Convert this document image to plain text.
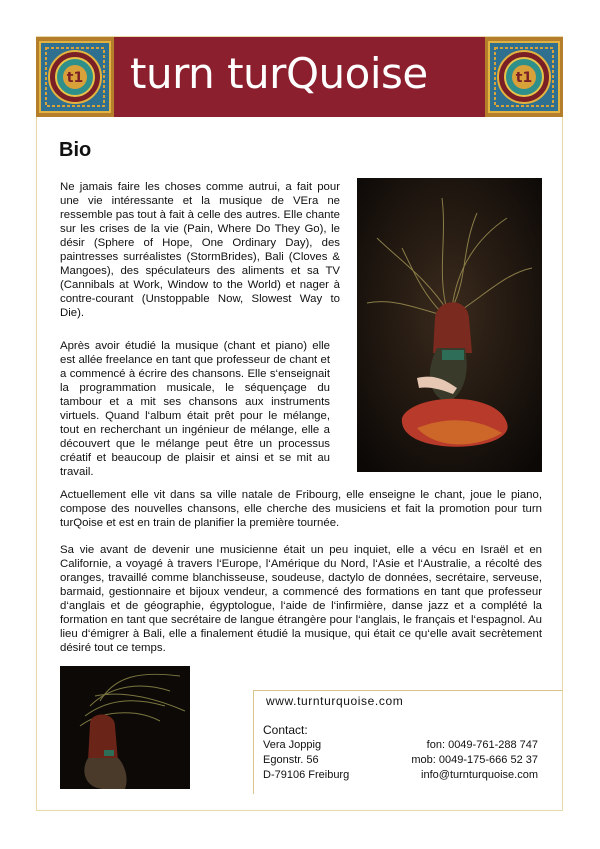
t1 turn turQuoise	t1
Bio

Ne jamais faire les choses comme autrui, a fait pour une vie intéressante et la musique de VEra ne ressemble pas tout à fait à celle des autres. Elle chante sur les crises de la vie (Pain, Where Do They Go), le désir (Sphere of Hope, One Ordinary Day), des paintresses surréalistes (StormBrides), Bali (Cloves & Mangoes), des spéculateurs des aliments et sa TV (Cannibals at Work, Window to the World) et nager à contre-courant (Unstoppable Now, Slowest Way to Die).

Après avoir étudié la musique (chant et piano) elle est allée freelance en tant que professeur de chant et a commencé à écrire des chansons. Elle s‘enseignait la programmation musicale, le séquençage du tambour et a mit ses chansons aux instruments virtuels. Quand l‘album était prêt pour le mélange, tout en recherchant un ingénieur de mélange, elle a découvert que le mélange peut être un processus créatif et beaucoup de plaisir et ainsi et se mit au travail.

Actuellement elle vit dans sa ville natale de Fribourg, elle enseigne le chant, joue le piano, compose des nouvelles chansons, elle cherche des musiciens et fait la promotion pour turn turQoise et est en train de planifier la première tournée.

Sa vie avant de devenir une musicienne était un peu inquiet, elle a vécu en Israël et en Californie, a voyagé à travers l‘Europe, l‘Amérique du Nord, l‘Asie et l‘Australie, a récolté des oranges, travaillé comme blanchisseuse, soudeuse, dactylo de données, secrétaire, serveuse, barmaid, gestionnaire et bijoux vendeur, a commencé des formations en tant que professeur d‘anglais et de géographie, égyptologue, l‘aide de l‘infirmière, danse jazz et a complété la formation en tant que secrétaire de langue étrangère pour l‘anglais, le français et l‘espagnol. Au lieu d‘émigrer à Bali, elle a finalement étudié la musique, qui était ce qu‘elle avait secrètement désiré tout ce temps.

www.turnturquoise.com
Contact:
Vera Joppig
Egonstr. 56
D-79106 Freiburg
fon: 0049-761-288 747
mob: 0049-175-666 52 37
info@turnturquoise.com
